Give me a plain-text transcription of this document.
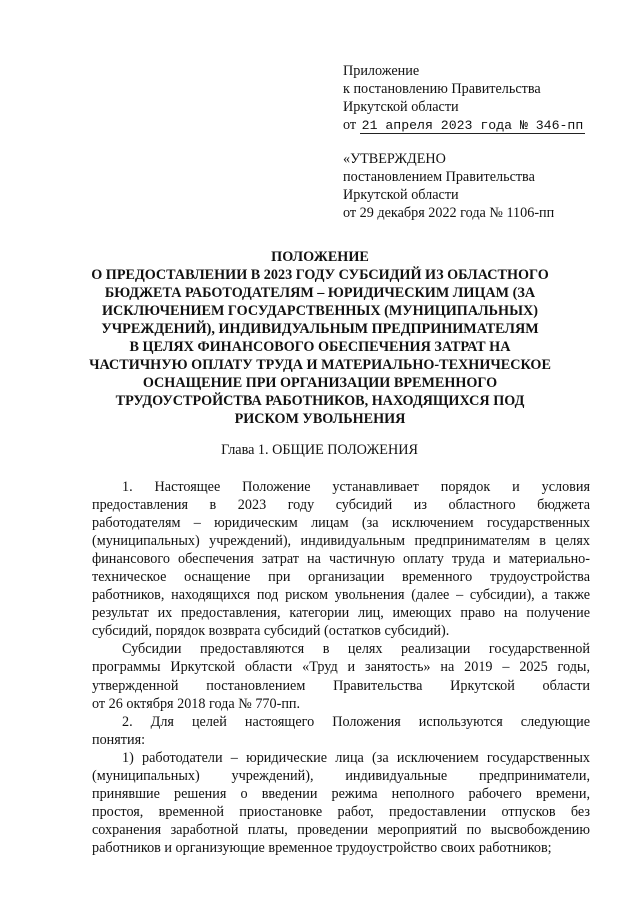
Приложение
к постановлению Правительства
Иркутской области
от 21 апреля 2023 года № 346-пп
«УТВЕРЖДЕНО
постановлением Правительства
Иркутской области
от 29 декабря 2022 года № 1106-пп
ПОЛОЖЕНИЕ
О ПРЕДОСТАВЛЕНИИ В 2023 ГОДУ СУБСИДИЙ ИЗ ОБЛАСТНОГО
БЮДЖЕТА РАБОТОДАТЕЛЯМ – ЮРИДИЧЕСКИМ ЛИЦАМ (ЗА
ИСКЛЮЧЕНИЕМ ГОСУДАРСТВЕННЫХ (МУНИЦИПАЛЬНЫХ)
УЧРЕЖДЕНИЙ), ИНДИВИДУАЛЬНЫМ ПРЕДПРИНИМАТЕЛЯМ
В ЦЕЛЯХ ФИНАНСОВОГО ОБЕСПЕЧЕНИЯ ЗАТРАТ НА
ЧАСТИЧНУЮ ОПЛАТУ ТРУДА И МАТЕРИАЛЬНО-ТЕХНИЧЕСКОЕ
ОСНАЩЕНИЕ ПРИ ОРГАНИЗАЦИИ ВРЕМЕННОГО
ТРУДОУСТРОЙСТВА РАБОТНИКОВ, НАХОДЯЩИХСЯ ПОД
РИСКОМ УВОЛЬНЕНИЯ
Глава 1. ОБЩИЕ ПОЛОЖЕНИЯ
1. Настоящее Положение устанавливает порядок и условия
предоставления в 2023 году субсидий из областного бюджета
работодателям – юридическим лицам (за исключением государственных
(муниципальных) учреждений), индивидуальным предпринимателям в целях
финансового обеспечения затрат на частичную оплату труда и материально-
техническое оснащение при организации временного трудоустройства
работников, находящихся под риском увольнения (далее – субсидии), а также
результат их предоставления, категории лиц, имеющих право на получение
субсидий, порядок возврата субсидий (остатков субсидий).
Субсидии предоставляются в целях реализации государственной
программы Иркутской области «Труд и занятость» на 2019 – 2025 годы,
утвержденной постановлением Правительства Иркутской области
от 26 октября 2018 года № 770-пп.
2. Для целей настоящего Положения используются следующие
понятия:
1) работодатели – юридические лица (за исключением государственных
(муниципальных) учреждений), индивидуальные предприниматели,
принявшие решения о введении режима неполного рабочего времени,
простоя, временной приостановке работ, предоставлении отпусков без
сохранения заработной платы, проведении мероприятий по высвобождению
работников и организующие временное трудоустройство своих работников;
